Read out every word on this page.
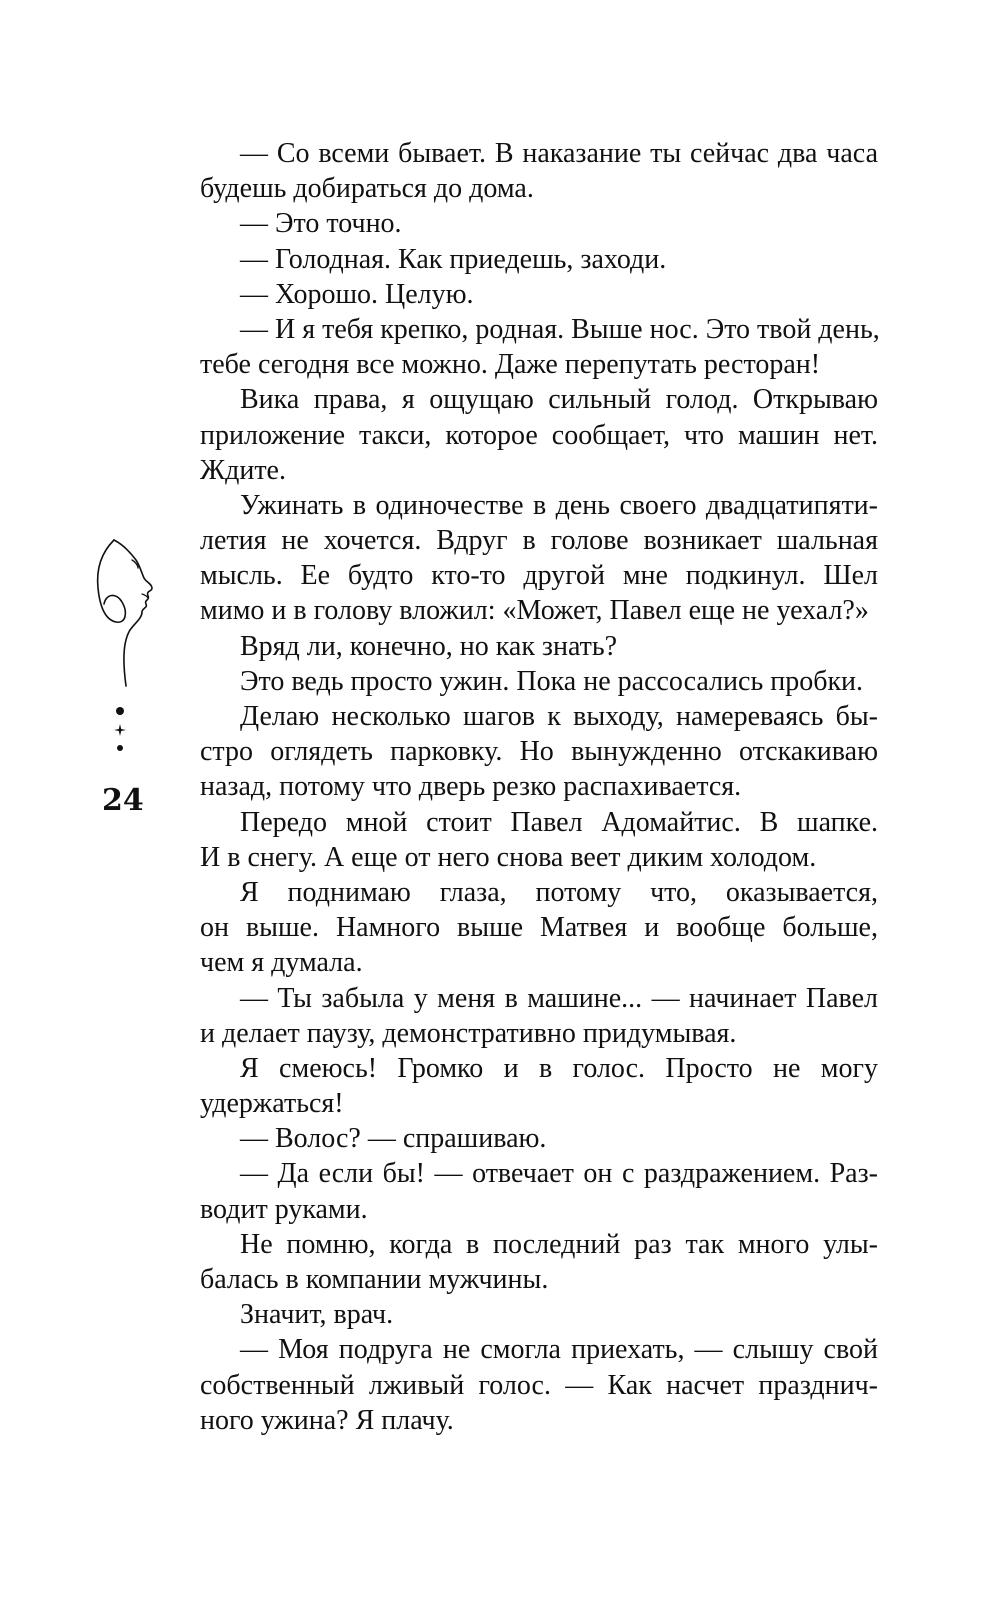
24
— Со всеми бывает. В наказание ты сейчас два часа
будешь добираться до дома.
— Это точно.
— Голодная. Как приедешь, заходи.
— Хорошо. Целую.
— И я тебя крепко, родная. Выше нос. Это твой день,
тебе сегодня все можно. Даже перепутать ресторан!
Вика права, я ощущаю сильный голод. Открываю
приложение такси, которое сообщает, что машин нет.
Ждите.
Ужинать в одиночестве в день своего двадцатипяти-
летия не хочется. Вдруг в голове возникает шальная
мысль. Ее будто кто-то другой мне подкинул. Шел
мимо и в голову вложил: «Может, Павел еще не уехал?»
Вряд ли, конечно, но как знать?
Это ведь просто ужин. Пока не рассосались пробки.
Делаю несколько шагов к выходу, намереваясь бы-
стро оглядеть парковку. Но вынужденно отскакиваю
назад, потому что дверь резко распахивается.
Передо мной стоит Павел Адомайтис. В шапке.
И в снегу. А еще от него снова веет диким холодом.
Я поднимаю глаза, потому что, оказывается,
он выше. Намного выше Матвея и вообще больше,
чем я думала.
— Ты забыла у меня в машине... — начинает Павел
и делает паузу, демонстративно придумывая.
Я смеюсь! Громко и в голос. Просто не могу
удержаться!
— Волос? — спрашиваю.
— Да если бы! — отвечает он с раздражением. Раз-
водит руками.
Не помню, когда в последний раз так много улы-
балась в компании мужчины.
Значит, врач.
— Моя подруга не смогла приехать, — слышу свой
собственный лживый голос. — Как насчет празднич-
ного ужина? Я плачу.
